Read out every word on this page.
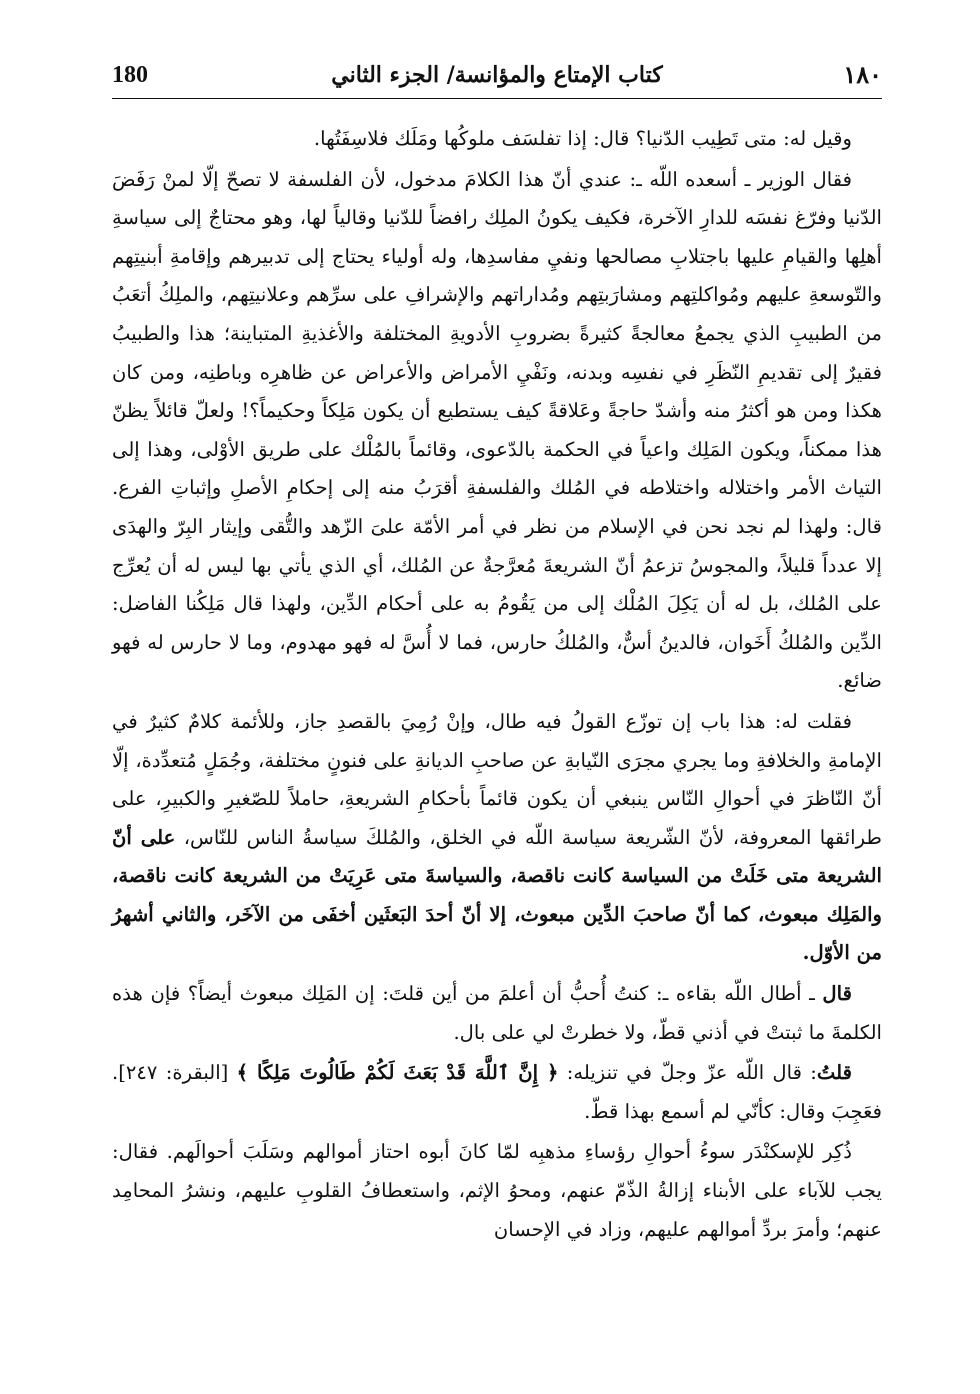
180	كتاب الإمتاع والمؤانسة/ الجزء الثاني	١٨٠

وقيل له: متى تَطِيب الدّنيا؟ قال: إذا تفلسَف ملوكُها ومَلَك فلاسِفَتُها.

فقال الوزير ـ أسعده اللّه ـ: عندي أنّ هذا الكلامَ مدخول، لأن الفلسفة لا تصحّ إلّا لمنْ رَفَضَ الدّنيا وفرّغ نفسَه للدارِ الآخرة، فكيف يكونُ الملِك رافضاً للدّنيا وقالياً لها، وهو محتاجٌ إلى سياسةِ أهلِها والقيامِ عليها باجتلابِ مصالحها ونفيِ مفاسدِها، وله أولياء يحتاج إلى تدبيرهم وإقامةِ أبنيتِهم والتّوسعةِ عليهم ومُواكلتِهم ومشارَبتِهم ومُداراتهم والإشرافِ على سرِّهم وعلانيتِهم، والملِكُ أتعَبُ من الطبيبِ الذي يجمعُ معالجةً كثيرةً بضروبِ الأدويةِ المختلفة والأغذيةِ المتباينة؛ هذا والطبيبُ فقيرٌ إلى تقديمِ النّظَرِ في نفسِه وبدنه، ونَفْيِ الأمراض والأعراض عن ظاهرِه وباطنِه، ومن كان هكذا ومن هو أكثرُ منه وأشدّ حاجةً وعَلاقةً كيف يستطيع أن يكون مَلِكاً وحكيماً؟! ولعلّ قائلاً يظنّ هذا ممكناً، ويكون المَلِك واعياً في الحكمة بالدّعوى، وقائماً بالمُلْك على طريق الأوْلى، وهذا إلى التياث الأمر واختلاله واختلاطه في المُلك والفلسفةِ أقرَبُ منه إلى إحكامِ الأصلِ وإثباتِ الفرع. قال: ولهذا لم نجد نحن في الإسلام من نظر في أمر الأمّة علىَ الزّهد والتُّقى وإيثار البِرّ والهدَى إلا عدداً قليلاً، والمجوسُ تزعمُ أنّ الشريعةَ مُعرَّجةٌ عن المُلك، أي الذي يأتي بها ليس له أن يُعرِّج على المُلك، بل له أن يَكِلَ المُلْك إلى من يَقُومُ به على أحكام الدِّين، ولهذا قال مَلِكُنا الفاضل: الدِّين والمُلكُ أَخَوان، فالدينُ أسٌّ، والمُلكُ حارس، فما لا أُسَّ له فهو مهدوم، وما لا حارس له فهو ضائع.

فقلت له: هذا باب إن توزّع القولُ فيه طال، وإنْ رُمِيَ بالقصدِ جاز، وللأئمة كلامٌ كثيرٌ في الإمامةِ والخلافةِ وما يجري مجرَى النّيابةِ عن صاحبِ الديانةِ على فنونٍ مختلفة، وجُمَلٍ مُتعدِّدة، إلّا أنّ النّاظرَ في أحوالِ النّاس ينبغي أن يكون قائماً بأحكامِ الشريعةِ، حاملاً للصّغيرِ والكبيرِ، على طرائقها المعروفة، لأنّ الشّريعة سياسة اللّه في الخلق، والمُلكَ سياسةُ الناس للنّاس، على أنّ الشريعة متى خَلَتْ من السياسة كانت ناقصة، والسياسةَ متى عَرِيَتْ من الشريعة كانت ناقصة، والمَلِك مبعوث، كما أنّ صاحبَ الدِّين مبعوث، إلا أنّ أحدَ البَعثَين أخفَى من الآخَر، والثاني أشهرُ من الأوّل.

قال ـ أطال اللّه بقاءه ـ: كنتُ أُحبُّ أن أعلمَ من أين قلتَ: إن المَلِك مبعوث أيضاً؟ فإن هذه الكلمةَ ما ثبتتْ في أذني قطّ، ولا خطرتْ لي على بال.

قلتُ: قال اللّه عزّ وجلّ في تنزيله: ﴿ إِنَّ ٱللَّهَ قَدْ بَعَثَ لَكُمْ طَالُوتَ مَلِكًا ﴾ [البقرة: ٢٤٧]. فعَجِبَ وقال: كأنّي لم أسمع بهذا قطّ.

ذُكِر للإسكنْدَر سوءُ أحوالِ رؤساءِ مذهبِه لمّا كانَ أبوه احتاز أموالهم وسَلَبَ أحوالَهم. فقال: يجب للآباء على الأبناء إزالةُ الذّمّ عنهم، ومحوُ الإثم، واستعطافُ القلوبِ عليهم، ونشرُ المحامِد عنهم؛ وأمرَ بردِّ أموالهم عليهم، وزاد في الإحسان
